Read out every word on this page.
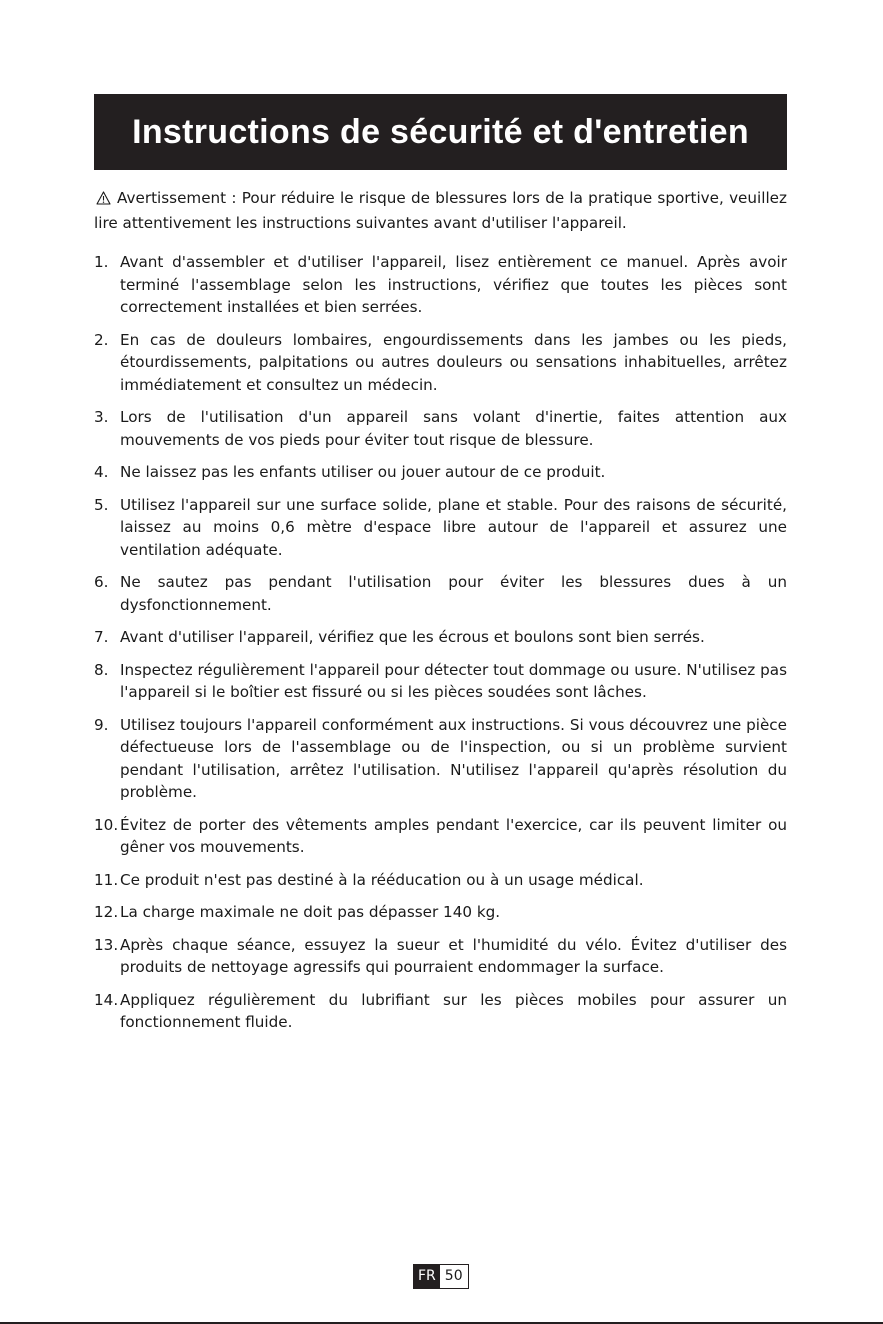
Instructions de sécurité et d'entretien

Avertissement : Pour réduire le risque de blessures lors de la pratique sportive, veuillez lire attentivement les instructions suivantes avant d'utiliser l'appareil.

1. Avant d'assembler et d'utiliser l'appareil, lisez entièrement ce manuel. Après avoir terminé l'assemblage selon les instructions, vérifiez que toutes les pièces sont correctement installées et bien serrées.
2. En cas de douleurs lombaires, engourdissements dans les jambes ou les pieds, étourdissements, palpitations ou autres douleurs ou sensations inhabituelles, arrêtez immédiatement et consultez un médecin.
3. Lors de l'utilisation d'un appareil sans volant d'inertie, faites attention aux mouvements de vos pieds pour éviter tout risque de blessure.
4. Ne laissez pas les enfants utiliser ou jouer autour de ce produit.
5. Utilisez l'appareil sur une surface solide, plane et stable. Pour des raisons de sécurité, laissez au moins 0,6 mètre d'espace libre autour de l'appareil et assurez une ventilation adéquate.
6. Ne sautez pas pendant l'utilisation pour éviter les blessures dues à un dysfonctionnement.
7. Avant d'utiliser l'appareil, vérifiez que les écrous et boulons sont bien serrés.
8. Inspectez régulièrement l'appareil pour détecter tout dommage ou usure. N'utilisez pas l'appareil si le boîtier est fissuré ou si les pièces soudées sont lâches.
9. Utilisez toujours l'appareil conformément aux instructions. Si vous découvrez une pièce défectueuse lors de l'assemblage ou de l'inspection, ou si un problème survient pendant l'utilisation, arrêtez l'utilisation. N'utilisez l'appareil qu'après résolution du problème.
10. Évitez de porter des vêtements amples pendant l'exercice, car ils peuvent limiter ou gêner vos mouvements.
11. Ce produit n'est pas destiné à la rééducation ou à un usage médical.
12. La charge maximale ne doit pas dépasser 140 kg.
13. Après chaque séance, essuyez la sueur et l'humidité du vélo. Évitez d'utiliser des produits de nettoyage agressifs qui pourraient endommager la surface.
14. Appliquez régulièrement du lubrifiant sur les pièces mobiles pour assurer un fonctionnement fluide.
FR 50
